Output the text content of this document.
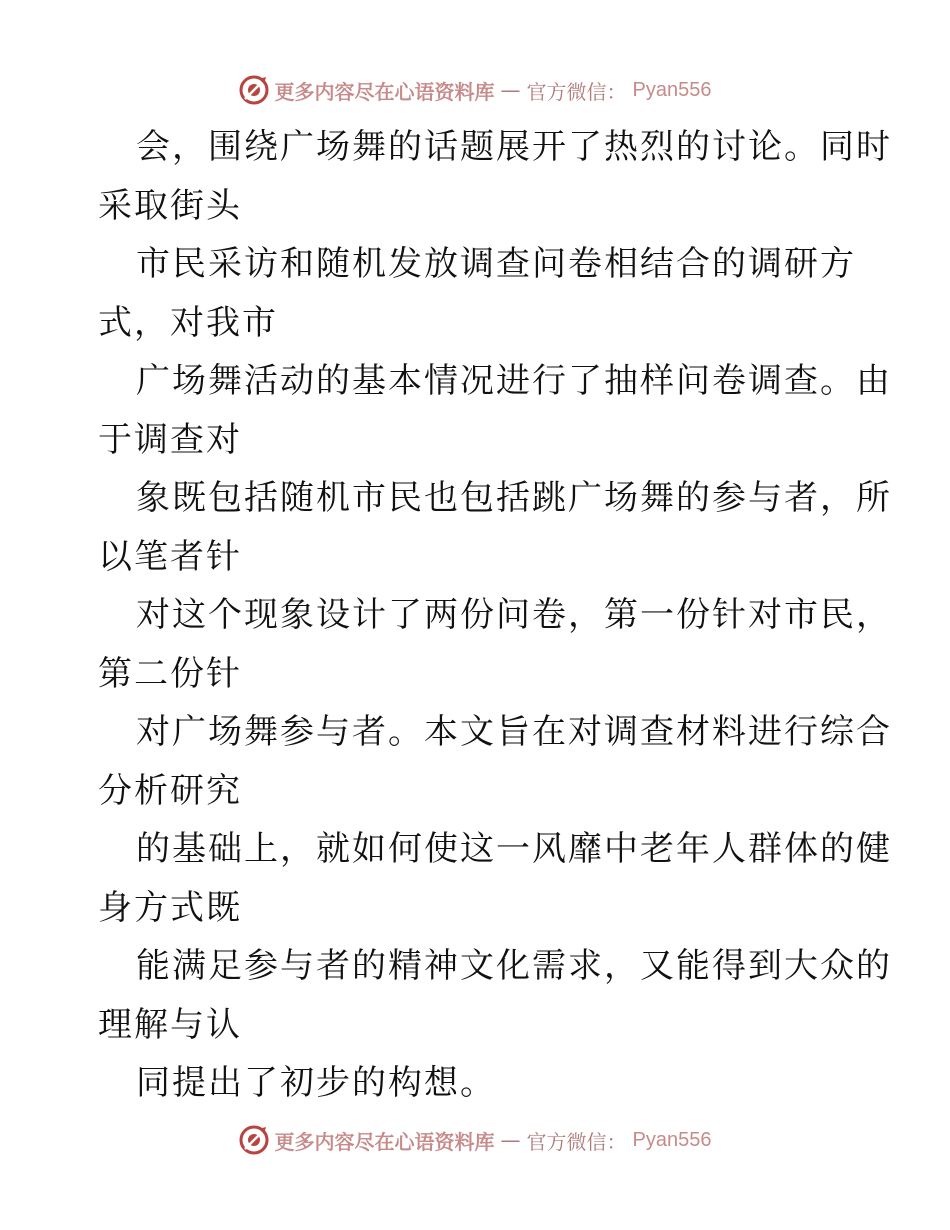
更多内容尽在心语资料库 — 官方微信： Pyan556
会，围绕广场舞的话题展开了热烈的讨论。同时
采取街头
市民采访和随机发放调查问卷相结合的调研方
式，对我市
广场舞活动的基本情况进行了抽样问卷调查。由
于调查对
象既包括随机市民也包括跳广场舞的参与者，所
以笔者针
对这个现象设计了两份问卷，第一份针对市民，
第二份针
对广场舞参与者。本文旨在对调查材料进行综合
分析研究
的基础上，就如何使这一风靡中老年人群体的健
身方式既
能满足参与者的精神文化需求，又能得到大众的
理解与认
同提出了初步的构想。
更多内容尽在心语资料库 — 官方微信： Pyan556
